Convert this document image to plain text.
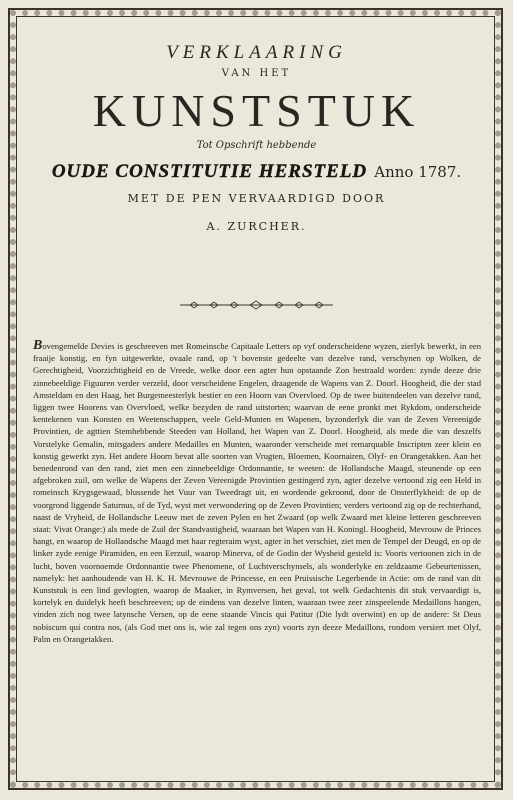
VERKLAARING
VAN HET
KUNSTSTUK
Tot Opschrift hebbende
OUDE CONSTITUTIE HERSTELD Anno 1787.
MET DE PEN VERVAARDIGD DOOR
A. ZURCHER.

Bovengemelde Devies is geschreeven met Romeinsche Capitaale Letters op vyf onderscheidene wyzen, zierlyk bewerkt, in een fraaije konstig, en fyn uitgewerkte, ovaale rand, op 't bovenste gedeelte van dezelve rand, verschynen op Wolken, de Gerechtigheid, Voorzichtigheid en de Vreede, welke door een agter hun opstaande Zon bestraald worden: zynde deeze drie zinnebeeldige Figuuren verder verzeld, door verscheidene Engelen, draagende de Wapens van Z. Doorl. Hoogheid, die der stad Amsteldam en den Haag, het Burgemeesterlyk bestier en een Hoorn van Overvloed. Op de twee buitendeelen van dezelve rand, liggen twee Hoorens van Overvloed, welke bezyden de rand uitstorten; waarvan de eene pronkt met Rykdom, onderscheide kentekenen van Konsten en Weetenschappen, veele Geld-Munten en Wapenen, byzonderlyk die van de Zeven Vereenigde Provintien, de agttien Stemhebbende Steeden van Holland, het Wapen van Z. Doorl. Hoogheid, als mede die van deszelfs Vorstelyke Gemalin, mitsgaders andere Medailles en Munten, waaronder verscheide met remarquable Inscripten zeer klein en konstig gewerkt zyn. Het andere Hoorn bevat alle soorten van Vrugten, Bloemen, Koornairen, Olyf- en Orangetakken. Aan het benedenrond van den rand, ziet men een zinnebeeldige Ordonnantie, te weeten: de Hollandsche Maagd, steunende op een afgebroken zuil, om welke de Wapens der Zeven Vereenigde Provintien gestingerd zyn, agter dezelve vertoond zig een Held in romeinsch Krygsgewaad, blussende het Vuur van Tweedragt uit, en wordende gekroond, door de Onsterflykheid: de op de voorgrond liggende Saturnus, of de Tyd, wyst met verwondering op de Zeven Provintien; verders vertoond zig op de rechterhand, naast de Vryheid, de Hollandsche Leeuw met de zeven Pylen en het Zwaard (op welk Zwaard met kleine letteren geschreeven staat: Vivat Orange:) als mede de Zuil der Standvastigheid, waaraan het Wapen van H. Koningl. Hoogheid, Mevrouw de Princes hangt, en waarop de Hollandsche Maagd met haar regteraim wyst, agter in het verschiet, ziet men de Tempel der Deugd, en op de linker zyde eenige Piramiden, en een Eerzuil, waarop Minerva, of de Godin der Wysheid gesteld is: Voorts vertoonen zich in de lucht, boven voornoemde Ordonnantie twee Phenomene, of Luchtverschynsels, als wonderlyke en zeldzaame Gebeurtenissen, namelyk: het aanhoudende van H. K. H. Mevrouwe de Princesse, en een Pruissische Legerbende in Actie: om de rand van dit Kunststuk is een lind gevlogten, waarop de Maaker, in Rymversen, het geval, tot welk Gedachtenis dit stuk vervaardigt is, kortelyk en duidelyk heeft beschreeven; op de eindens van dezelve linten, waaraan twee zeer zinspeelende Medaillons hangen, vinden zich nog twee latynsche Versen, op de eene staande Vincis qui Patitur (Die lydt overwint) en op de andere: St Deus nobiscum qui contra nos, (als God met ons is, wie zal tegen ons zyn) voorts zyn deeze Medaillons, rondom versiert met Olyf, Palm en Orangetakken.
